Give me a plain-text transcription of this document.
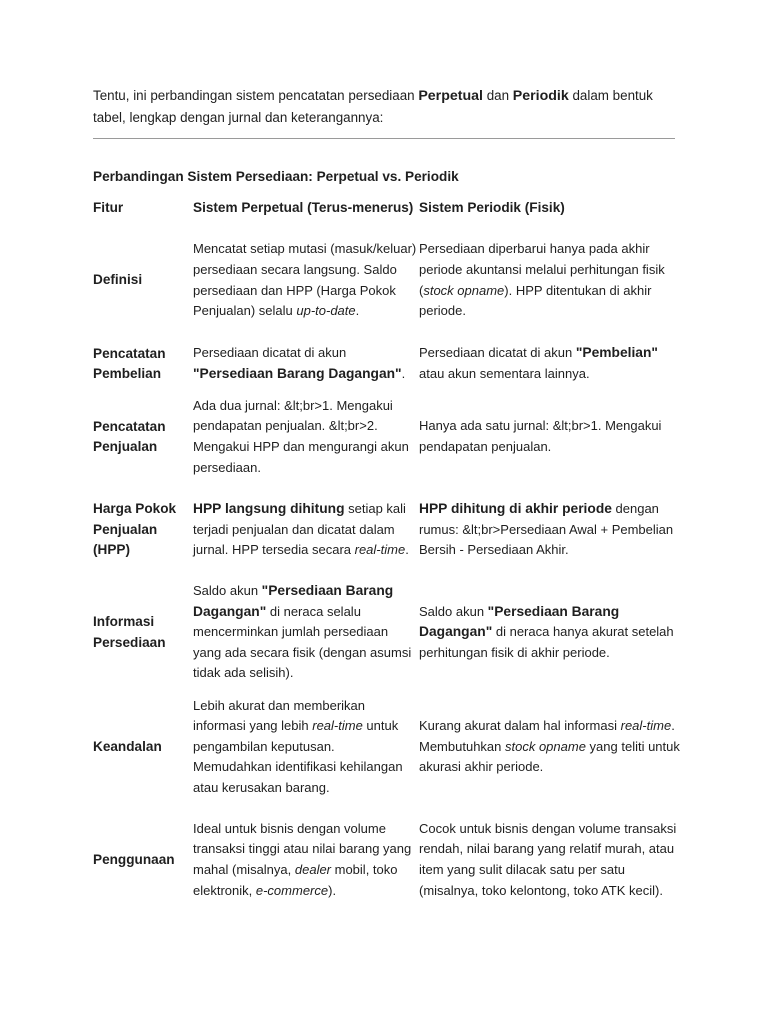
Tentu, ini perbandingan sistem pencatatan persediaan Perpetual dan Periodik dalam bentuk tabel, lengkap dengan jurnal dan keterangannya:

Perbandingan Sistem Persediaan: Perpetual vs. Periodik
Fitur	Sistem Perpetual (Terus-menerus) Sistem Periodik (Fisik)
Definisi
Mencatat setiap mutasi (masuk/keluar) persediaan secara langsung. Saldo persediaan dan HPP (Harga Pokok Penjualan) selalu up-to-date.
Persediaan diperbarui hanya pada akhir periode akuntansi melalui perhitungan fisik (stock opname). HPP ditentukan di akhir periode.
Pencatatan Pembelian
Persediaan dicatat di akun "Persediaan Barang Dagangan".
Persediaan dicatat di akun "Pembelian" atau akun sementara lainnya.
Pencatatan Penjualan
Ada dua jurnal: &lt;br>1. Mengakui pendapatan penjualan. &lt;br>2. Mengakui HPP dan mengurangi akun persediaan.
Hanya ada satu jurnal: &lt;br>1. Mengakui pendapatan penjualan.
Harga Pokok Penjualan (HPP)
HPP langsung dihitung setiap kali terjadi penjualan dan dicatat dalam jurnal. HPP tersedia secara real-time.
HPP dihitung di akhir periode dengan rumus: &lt;br>Persediaan Awal + Pembelian Bersih - Persediaan Akhir.
Informasi Persediaan
Saldo akun "Persediaan Barang Dagangan" di neraca selalu mencerminkan jumlah persediaan yang ada secara fisik (dengan asumsi tidak ada selisih).
Saldo akun "Persediaan Barang Dagangan" di neraca hanya akurat setelah perhitungan fisik di akhir periode.
Keandalan
Lebih akurat dan memberikan informasi yang lebih real-time untuk pengambilan keputusan. Memudahkan identifikasi kehilangan atau kerusakan barang.
Kurang akurat dalam hal informasi real-time. Membutuhkan stock opname yang teliti untuk akurasi akhir periode.
Penggunaan
Ideal untuk bisnis dengan volume transaksi tinggi atau nilai barang yang mahal (misalnya, dealer mobil, toko elektronik, e-commerce).
Cocok untuk bisnis dengan volume transaksi rendah, nilai barang yang relatif murah, atau item yang sulit dilacak satu per satu (misalnya, toko kelontong, toko ATK kecil).
